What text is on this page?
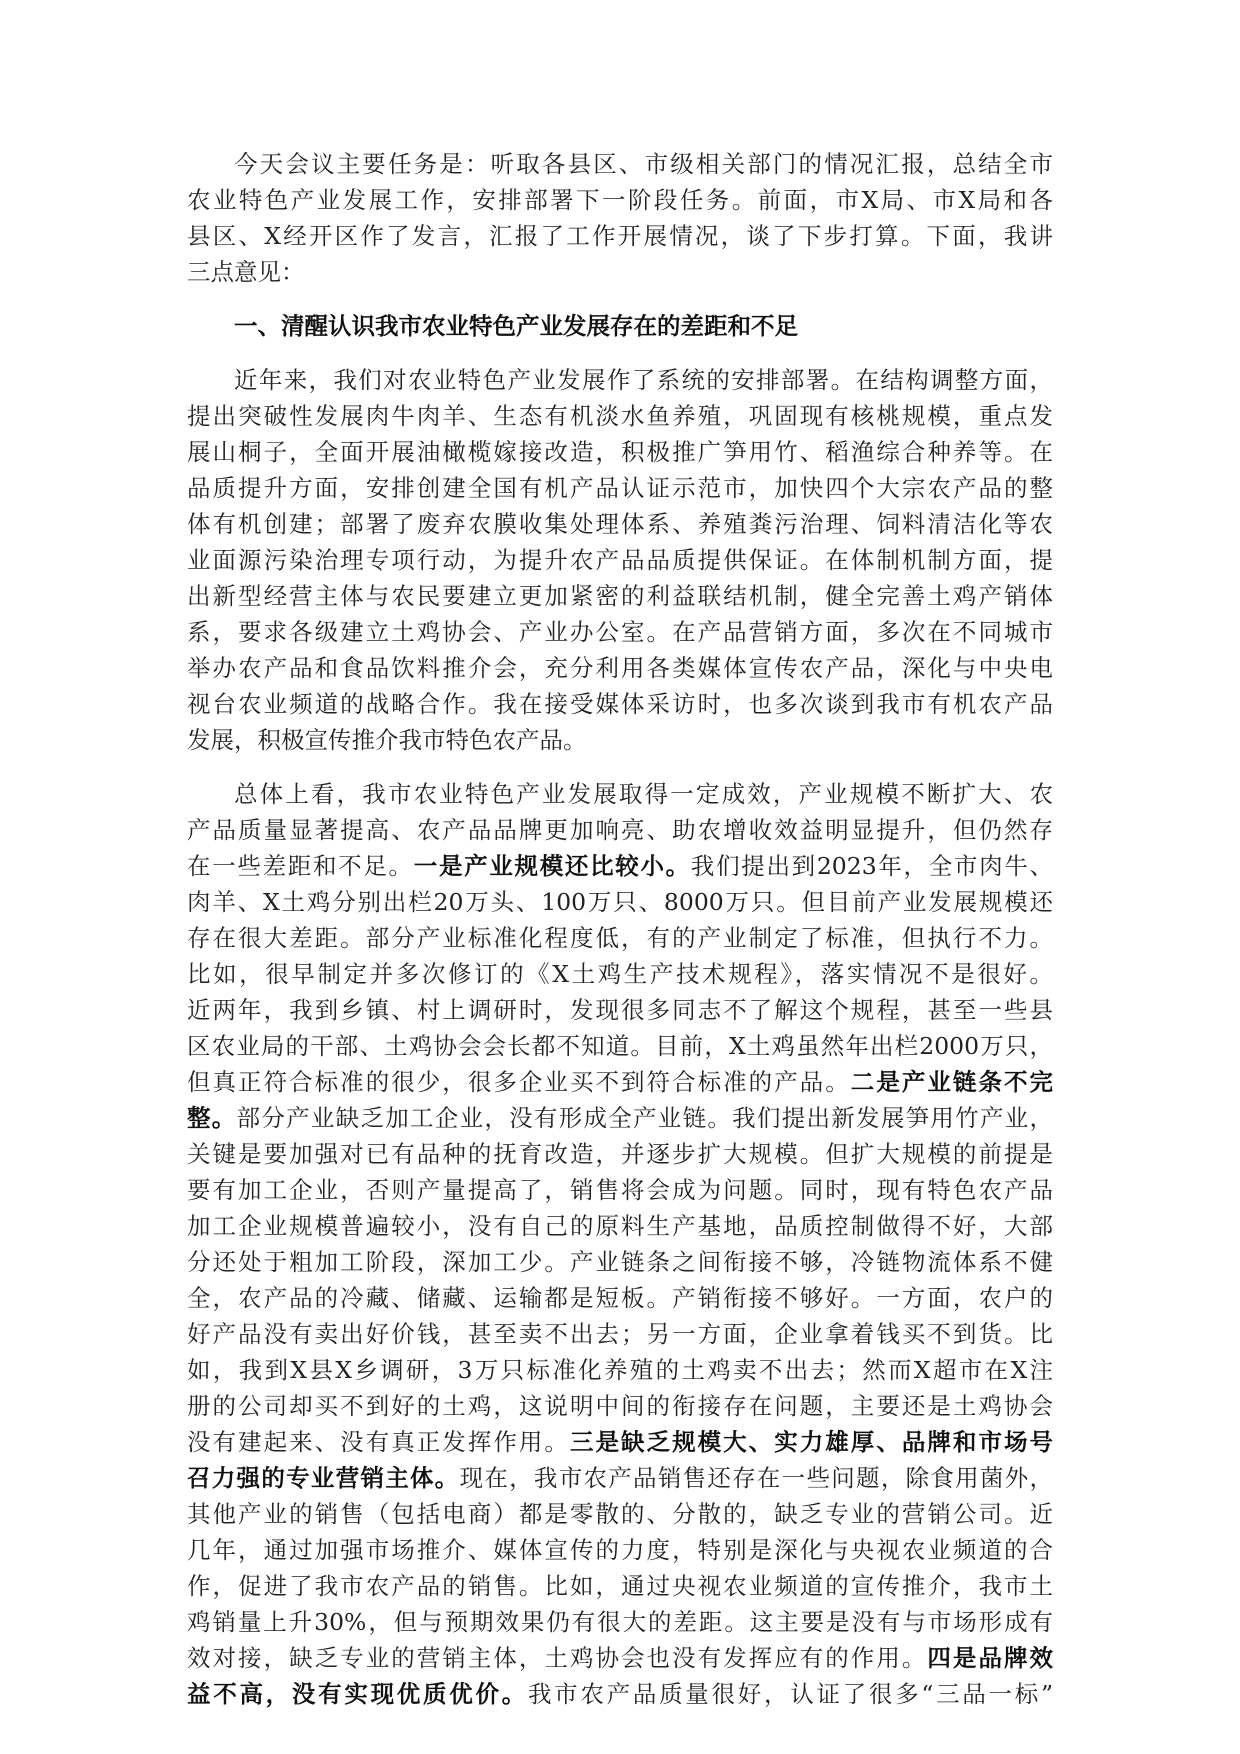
今天会议主要任务是：听取各县区、市级相关部门的情况汇报，总结全市
农业特色产业发展工作，安排部署下一阶段任务。前面，市X局、市X局和各
县区、X经开区作了发言，汇报了工作开展情况，谈了下步打算。下面，我讲
三点意见：
一、清醒认识我市农业特色产业发展存在的差距和不足
近年来，我们对农业特色产业发展作了系统的安排部署。在结构调整方面，
提出突破性发展肉牛肉羊、生态有机淡水鱼养殖，巩固现有核桃规模，重点发
展山桐子，全面开展油橄榄嫁接改造，积极推广笋用竹、稻渔综合种养等。在
品质提升方面，安排创建全国有机产品认证示范市，加快四个大宗农产品的整
体有机创建；部署了废弃农膜收集处理体系、养殖粪污治理、饲料清洁化等农
业面源污染治理专项行动，为提升农产品品质提供保证。在体制机制方面，提
出新型经营主体与农民要建立更加紧密的利益联结机制，健全完善土鸡产销体
系，要求各级建立土鸡协会、产业办公室。在产品营销方面，多次在不同城市
举办农产品和食品饮料推介会，充分利用各类媒体宣传农产品，深化与中央电
视台农业频道的战略合作。我在接受媒体采访时，也多次谈到我市有机农产品
发展，积极宣传推介我市特色农产品。
总体上看，我市农业特色产业发展取得一定成效，产业规模不断扩大、农
产品质量显著提高、农产品品牌更加响亮、助农增收效益明显提升，但仍然存
在一些差距和不足。一是产业规模还比较小。我们提出到2023年，全市肉牛、
肉羊、X土鸡分别出栏20万头、100万只、8000万只。但目前产业发展规模还
存在很大差距。部分产业标准化程度低，有的产业制定了标准，但执行不力。
比如，很早制定并多次修订的《X土鸡生产技术规程》，落实情况不是很好。
近两年，我到乡镇、村上调研时，发现很多同志不了解这个规程，甚至一些县
区农业局的干部、土鸡协会会长都不知道。目前，X土鸡虽然年出栏2000万只，
但真正符合标准的很少，很多企业买不到符合标准的产品。二是产业链条不完
整。部分产业缺乏加工企业，没有形成全产业链。我们提出新发展笋用竹产业，
关键是要加强对已有品种的抚育改造，并逐步扩大规模。但扩大规模的前提是
要有加工企业，否则产量提高了，销售将会成为问题。同时，现有特色农产品
加工企业规模普遍较小，没有自己的原料生产基地，品质控制做得不好，大部
分还处于粗加工阶段，深加工少。产业链条之间衔接不够，冷链物流体系不健
全，农产品的冷藏、储藏、运输都是短板。产销衔接不够好。一方面，农户的
好产品没有卖出好价钱，甚至卖不出去；另一方面，企业拿着钱买不到货。比
如，我到X县X乡调研，3万只标准化养殖的土鸡卖不出去；然而X超市在X注
册的公司却买不到好的土鸡，这说明中间的衔接存在问题，主要还是土鸡协会
没有建起来、没有真正发挥作用。三是缺乏规模大、实力雄厚、品牌和市场号
召力强的专业营销主体。现在，我市农产品销售还存在一些问题，除食用菌外，
其他产业的销售（包括电商）都是零散的、分散的，缺乏专业的营销公司。近
几年，通过加强市场推介、媒体宣传的力度，特别是深化与央视农业频道的合
作，促进了我市农产品的销售。比如，通过央视农业频道的宣传推介，我市土
鸡销量上升30%，但与预期效果仍有很大的差距。这主要是没有与市场形成有
效对接，缺乏专业的营销主体，土鸡协会也没有发挥应有的作用。四是品牌效
益不高，没有实现优质优价。我市农产品质量很好，认证了很多“三品一标”
